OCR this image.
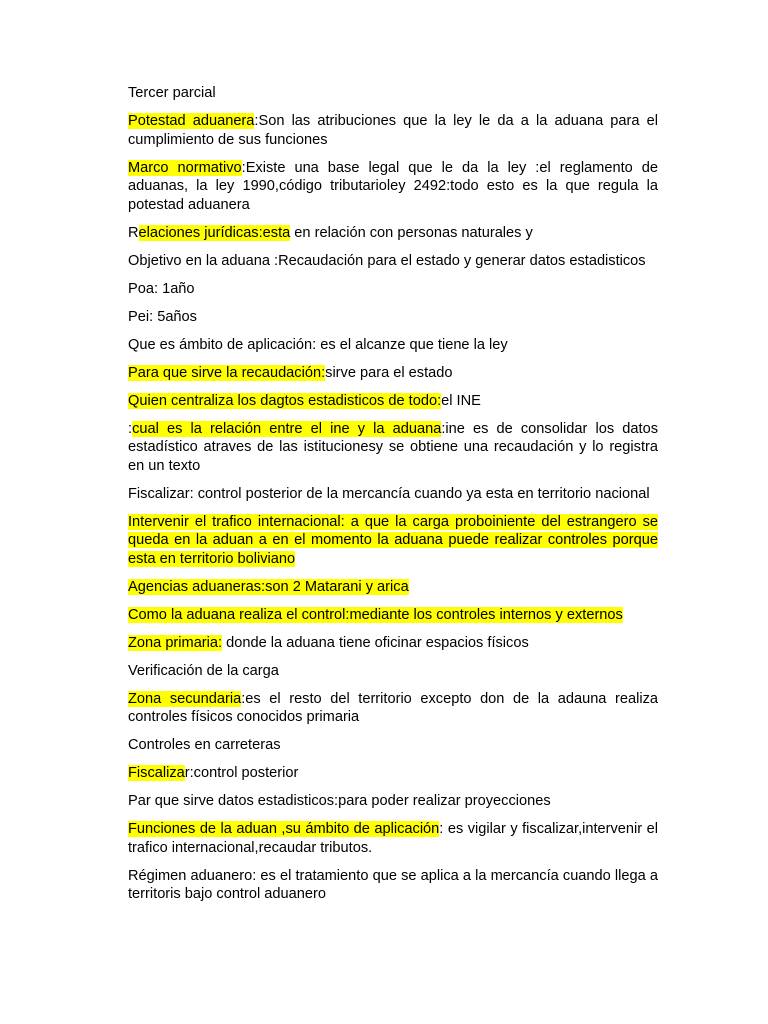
Tercer parcial

Potestad aduanera:Son las atribuciones que la ley le da a la aduana para el cumplimiento de sus funciones

Marco normativo:Existe una base legal que le da la ley :el reglamento de aduanas, la ley 1990,código tributarioley 2492:todo esto es la que regula la potestad aduanera

Relaciones jurídicas:esta en relación con personas naturales y

Objetivo en la aduana :Recaudación para el estado y generar datos estadisticos

Poa: 1año

Pei: 5años

Que es ámbito de aplicación: es el alcanze que tiene la ley

Para que sirve la recaudación:sirve para el estado

Quien centraliza los dagtos estadisticos de todo:el INE

:cual es la relación entre el ine y la aduana:ine es de consolidar los datos estadístico atraves de las istitucionesy se obtiene una recaudación y lo registra en un texto

Fiscalizar: control posterior de la mercancía cuando ya esta en territorio nacional

Intervenir el trafico internacional: a que la carga proboiniente del estrangero se queda en la aduan a en el momento la aduana puede realizar controles porque esta en territorio boliviano

Agencias aduaneras:son 2 Matarani y arica

Como la aduana realiza el control:mediante los controles internos y externos

Zona primaria: donde la aduana tiene oficinar espacios físicos

Verificación de la carga

Zona secundaria:es el resto del territorio excepto don de la adauna realiza controles físicos conocidos primaria

Controles en carreteras

Fiscalizar:control posterior

Par que sirve datos estadisticos:para poder realizar proyecciones

Funciones de la aduan ,su ámbito de aplicación: es vigilar y fiscalizar,intervenir el trafico internacional,recaudar tributos.

Régimen aduanero: es el tratamiento que se aplica a la mercancía cuando llega a territoris bajo control aduanero
